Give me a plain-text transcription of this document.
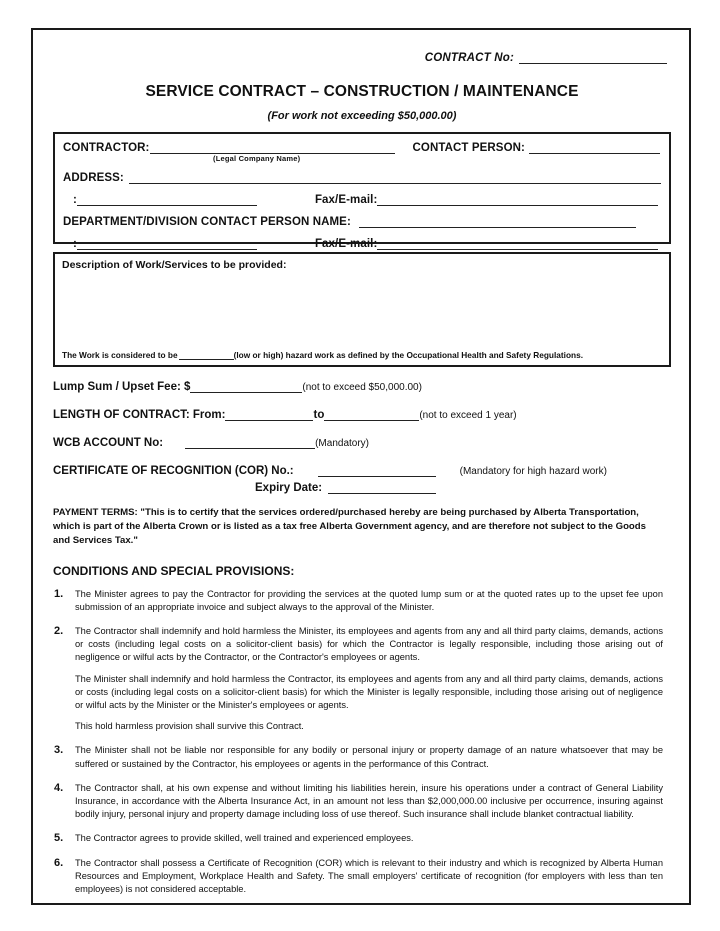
CONTRACT No:
SERVICE CONTRACT – CONSTRUCTION / MAINTENANCE
(For work not exceeding $50,000.00)
CONTRACTOR:	CONTACT PERSON:
(Legal Company Name)
ADDRESS:
:	Fax/E-mail:
DEPARTMENT/DIVISION CONTACT PERSON NAME:
:	Fax/E-mail:
Description of Work/Services to be provided:
The Work is considered to be	(low or high) hazard work as defined by the Occupational Health and Safety Regulations.
Lump Sum / Upset Fee: $	(not to exceed $50,000.00)
LENGTH OF CONTRACT: From:	to	(not to exceed 1 year)
WCB ACCOUNT No:	(Mandatory)
CERTIFICATE OF RECOGNITION (COR) No.:	(Mandatory for high hazard work)
Expiry Date:
PAYMENT TERMS: "This is to certify that the services ordered/purchased hereby are being purchased by Alberta Transportation, which is part of the Alberta Crown or is listed as a tax free Alberta Government agency, and are therefore not subject to the Goods and Services Tax."
CONDITIONS AND SPECIAL PROVISIONS:
1.	The Minister agrees to pay the Contractor for providing the services at the quoted lump sum or at the quoted rates up to the upset fee upon submission of an appropriate invoice and subject always to the approval of the Minister.

2.	The Contractor shall indemnify and hold harmless the Minister, its employees and agents from any and all third party claims, demands, actions or costs (including legal costs on a solicitor-client basis) for which the Contractor is legally responsible, including those arising out of negligence or wilful acts by the Contractor, or the Contractor's employees or agents.

The Minister shall indemnify and hold harmless the Contractor, its employees and agents from any and all third party claims, demands, actions or costs (including legal costs on a solicitor-client basis) for which the Minister is legally responsible, including those arising out of negligence or wilful acts by the Minister or the Minister's employees or agents.

This hold harmless provision shall survive this Contract.

3.	The Minister shall not be liable nor responsible for any bodily or personal injury or property damage of an nature whatsoever that may be suffered or sustained by the Contractor, his employees or agents in the performance of this Contract.

4.	The Contractor shall, at his own expense and without limiting his liabilities herein, insure his operations under a contract of General Liability Insurance, in accordance with the Alberta Insurance Act, in an amount not less than $2,000,000.00 inclusive per occurrence, insuring against bodily injury, personal injury and property damage including loss of use thereof. Such insurance shall include blanket contractual liability.

5.	The Contractor agrees to provide skilled, well trained and experienced employees.

6.	The Contractor shall possess a Certificate of Recognition (COR) which is relevant to their industry and which is recognized by Alberta Human Resources and Employment, Workplace Health and Safety. The small employers' certificate of recognition (for employers with less than ten employees) is not considered acceptable.
